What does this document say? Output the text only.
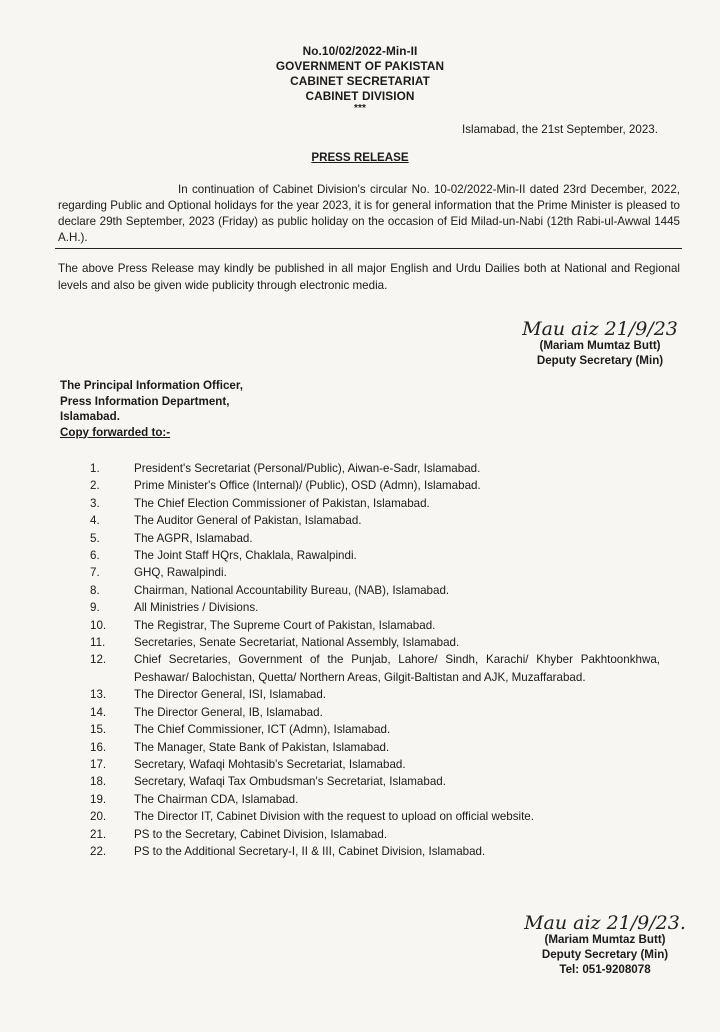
No.10/02/2022-Min-II
GOVERNMENT OF PAKISTAN
CABINET SECRETARIAT
CABINET DIVISION
***
Islamabad, the 21st September, 2023.
PRESS RELEASE
In continuation of Cabinet Division's circular No. 10-02/2022-Min-II dated 23rd December, 2022, regarding Public and Optional holidays for the year 2023, it is for general information that the Prime Minister is pleased to declare 29th September, 2023 (Friday) as public holiday on the occasion of Eid Milad-un-Nabi (12th Rabi-ul-Awwal 1445 A.H.).
The above Press Release may kindly be published in all major English and Urdu Dailies both at National and Regional levels and also be given wide publicity through electronic media.
Mau aiz 21/9/23
(Mariam Mumtaz Butt)
Deputy Secretary (Min)
The Principal Information Officer,
Press Information Department,
Islamabad.
Copy forwarded to:-
1.	President's Secretariat (Personal/Public), Aiwan-e-Sadr, Islamabad.
2.	Prime Minister's Office (Internal)/ (Public), OSD (Admn), Islamabad.
3.	The Chief Election Commissioner of Pakistan, Islamabad.
4.	The Auditor General of Pakistan, Islamabad.
5.	The AGPR, Islamabad.
6.	The Joint Staff HQrs, Chaklala, Rawalpindi.
7.	GHQ, Rawalpindi.
8.	Chairman, National Accountability Bureau, (NAB), Islamabad.
9.	All Ministries / Divisions.
10.	The Registrar, The Supreme Court of Pakistan, Islamabad.
11.	Secretaries, Senate Secretariat, National Assembly, Islamabad.
12.	Chief Secretaries, Government of the Punjab, Lahore/ Sindh, Karachi/ Khyber Pakhtoonkhwa, Peshawar/ Balochistan, Quetta/ Northern Areas, Gilgit-Baltistan and AJK, Muzaffarabad.
13.	The Director General, ISI, Islamabad.
14.	The Director General, IB, Islamabad.
15.	The Chief Commissioner, ICT (Admn), Islamabad.
16.	The Manager, State Bank of Pakistan, Islamabad.
17.	Secretary, Wafaqi Mohtasib's Secretariat, Islamabad.
18.	Secretary, Wafaqi Tax Ombudsman's Secretariat, Islamabad.
19.	The Chairman CDA, Islamabad.
20.	The Director IT, Cabinet Division with the request to upload on official website.
21.	PS to the Secretary, Cabinet Division, Islamabad.
22.	PS to the Additional Secretary-I, II & III, Cabinet Division, Islamabad.
Mau aiz 21/9/23.
(Mariam Mumtaz Butt)
Deputy Secretary (Min)
Tel: 051-9208078
